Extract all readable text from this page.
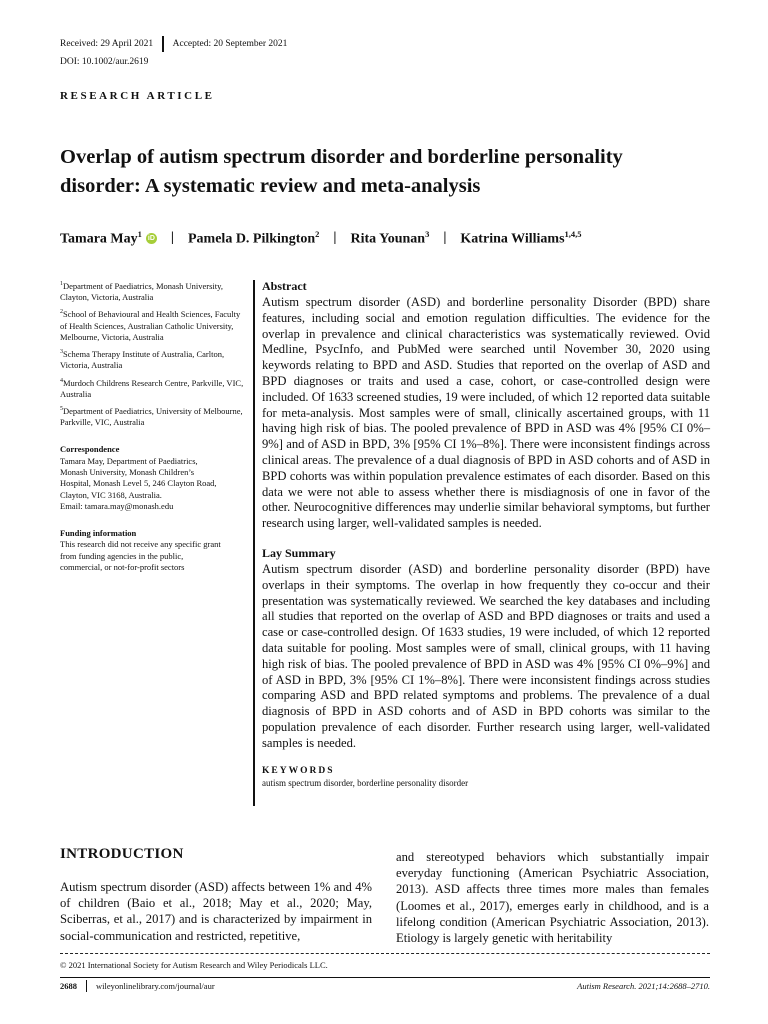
Received: 29 April 2021 Accepted: 20 September 2021
DOI: 10.1002/aur.2619
RESEARCH ARTICLE
Overlap of autism spectrum disorder and borderline personality disorder: A systematic review and meta-analysis
Tamara May$^1$ iD | Pamela D. Pilkington$^2$ | Rita Younan$^3$ | Katrina Williams$^{1,4,5}$
$^1$Department of Paediatrics, Monash University, Clayton, Victoria, Australia
$^2$School of Behavioural and Health Sciences, Faculty of Health Sciences, Australian Catholic University, Melbourne, Victoria, Australia
$^3$Schema Therapy Institute of Australia, Carlton, Victoria, Australia
$^4$Murdoch Childrens Research Centre, Parkville, VIC, Australia
$^5$Department of Paediatrics, University of Melbourne, Parkville, VIC, Australia
Correspondence
Tamara May, Department of Paediatrics,
Monash University, Monash Children’s
Hospital, Monash Level 5, 246 Clayton Road,
Clayton, VIC 3168, Australia.
Email: tamara.may@monash.edu
Funding information
This research did not receive any specific grant
from funding agencies in the public,
commercial, or not-for-profit sectors
Abstract

Autism spectrum disorder (ASD) and borderline personality Disorder (BPD) share features, including social and emotion regulation difficulties. The evidence for the overlap in prevalence and clinical characteristics was systematically reviewed. Ovid Medline, PsycInfo, and PubMed were searched until November 30, 2020 using keywords relating to BPD and ASD. Studies that reported on the overlap of ASD and BPD diagnoses or traits and used a case, cohort, or case-controlled design were included. Of 1633 screened studies, 19 were included, of which 12 reported data suitable for meta-analysis. Most samples were of small, clinically ascertained groups, with 11 having high risk of bias. The pooled prevalence of BPD in ASD was 4% [95% CI 0%–9%] and of ASD in BPD, 3% [95% CI 1%–8%]. There were inconsistent findings across clinical areas. The prevalence of a dual diagnosis of BPD in ASD cohorts and of ASD in BPD cohorts was within population prevalence estimates of each disorder. Based on this data we were not able to assess whether there is misdiagnosis of one in favor of the other. Neurocognitive differences may underlie similar behavioral symptoms, but further research using larger, well-validated samples is needed.

Lay Summary

Autism spectrum disorder (ASD) and borderline personality disorder (BPD) have overlaps in their symptoms. The overlap in how frequently they co-occur and their presentation was systematically reviewed. We searched the key databases and including all studies that reported on the overlap of ASD and BPD diagnoses or traits and used a case or case-controlled design. Of 1633 studies, 19 were included, of which 12 reported data suitable for pooling. Most samples were of small, clinical groups, with 11 having high risk of bias. The pooled prevalence of BPD in ASD was 4% [95% CI 0%–9%] and of ASD in BPD, 3% [95% CI 1%–8%]. There were inconsistent findings across studies comparing ASD and BPD related symptoms and problems. The prevalence of a dual diagnosis of BPD in ASD cohorts and of ASD in BPD cohorts was similar to the population prevalence of each disorder. Further research using larger, well-validated samples is needed.

KEYWORDS
autism spectrum disorder, borderline personality disorder
INTRODUCTION

Autism spectrum disorder (ASD) affects between 1% and 4% of children (Baio et al., 2018; May et al., 2020; May, Sciberras, et al., 2017) and is characterized by impairment in social-communication and restricted, repetitive,

and stereotyped behaviors which substantially impair everyday functioning (American Psychiatric Association, 2013). ASD affects three times more males than females (Loomes et al., 2017), emerges early in childhood, and is a lifelong condition (American Psychiatric Association, 2013). Etiology is largely genetic with heritability

© 2021 International Society for Autism Research and Wiley Periodicals LLC.
2688 wileyonlinelibrary.com/journal/aur	Autism Research. 2021;14:2688–2710.
